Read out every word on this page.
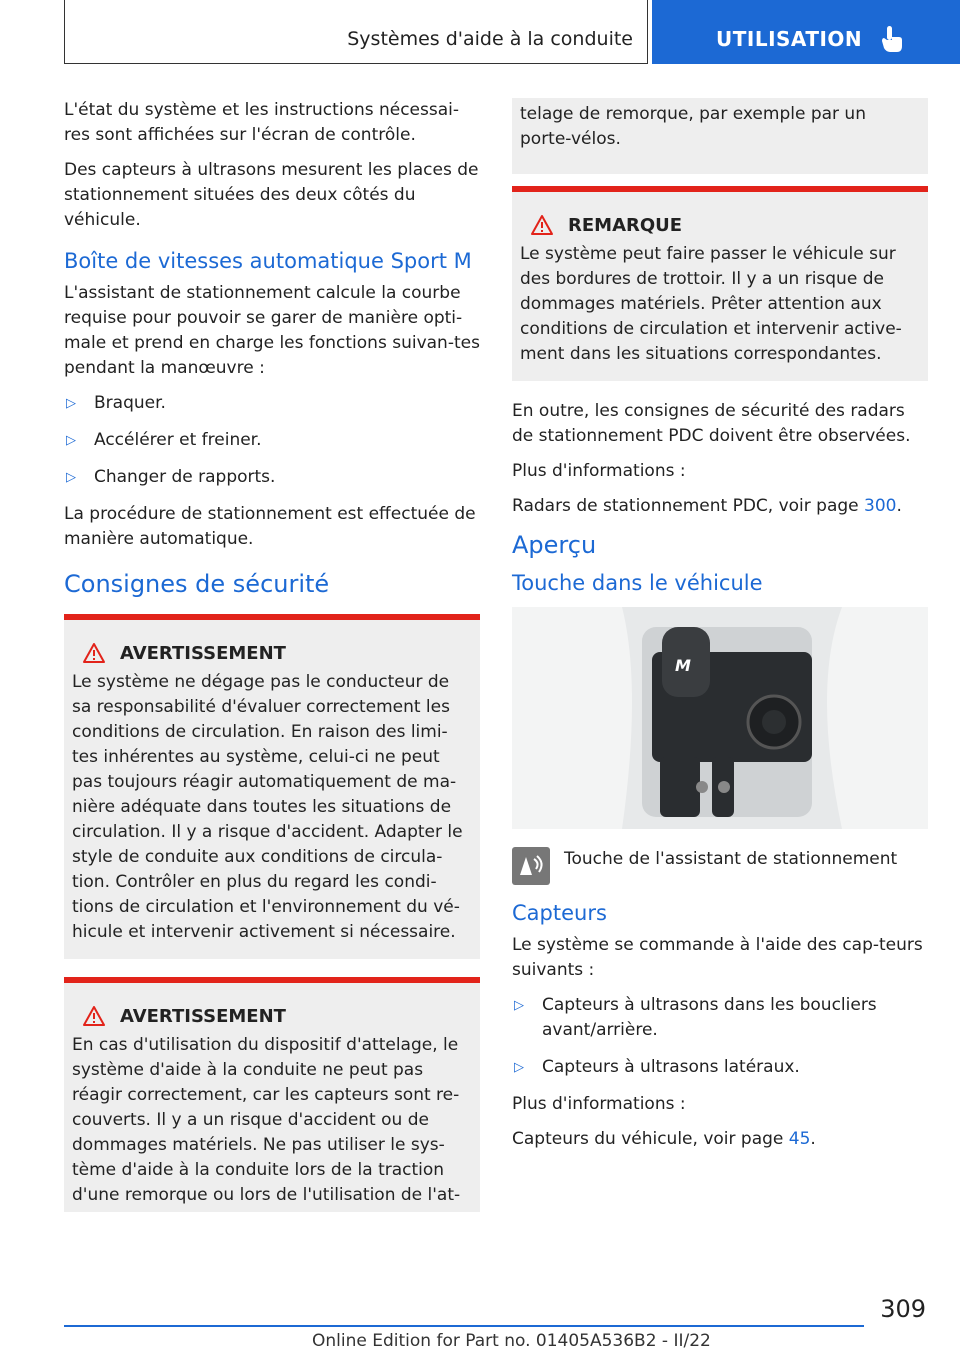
Systèmes d'aide à la conduite	UTILISATION

L'état du système et les instructions nécessai-res sont affichées sur l'écran de contrôle.

Des capteurs à ultrasons mesurent les places de stationnement situées des deux côtés du véhicule.

Boîte de vitesses automatique Sport M

L'assistant de stationnement calcule la courbe requise pour pouvoir se garer de manière opti-male et prend en charge les fonctions suivan-tes pendant la manœuvre :

▷ Braquer.
▷ Accélérer et freiner.
▷ Changer de rapports.

La procédure de stationnement est effectuée de manière automatique.

Consignes de sécurité
AVERTISSEMENT

Le système ne dégage pas le conducteur de sa responsabilité d'évaluer correctement les conditions de circulation. En raison des limi-tes inhérentes au système, celui-ci ne peut pas toujours réagir automatiquement de ma-nière adéquate dans toutes les situations de circulation. Il y a risque d'accident. Adapter le style de conduite aux conditions de circula-tion. Contrôler en plus du regard les condi-tions de circulation et l'environnement du vé-hicule et intervenir activement si nécessaire.

AVERTISSEMENT

En cas d'utilisation du dispositif d'attelage, le système d'aide à la conduite ne peut pas réagir correctement, car les capteurs sont re-couverts. Il y a un risque d'accident ou de dommages matériels. Ne pas utiliser le sys-tème d'aide à la conduite lors de la traction d'une remorque ou lors de l'utilisation de l'at-

telage de remorque, par exemple par un porte-vélos.

REMARQUE

Le système peut faire passer le véhicule sur des bordures de trottoir. Il y a un risque de dommages matériels. Prêter attention aux conditions de circulation et intervenir active-ment dans les situations correspondantes.

En outre, les consignes de sécurité des radars de stationnement PDC doivent être observées.

Plus d'informations :

Radars de stationnement PDC, voir page 300.

Aperçu
Touche dans le véhicule
M

Touche de l'assistant de stationnement

Capteurs

Le système se commande à l'aide des cap-teurs suivants :

▷ Capteurs à ultrasons dans les boucliers avant/arrière.
▷ Capteurs à ultrasons latéraux.

Plus d'informations :

Capteurs du véhicule, voir page 45.

309
Online Edition for Part no. 01405A536B2 - II/22
